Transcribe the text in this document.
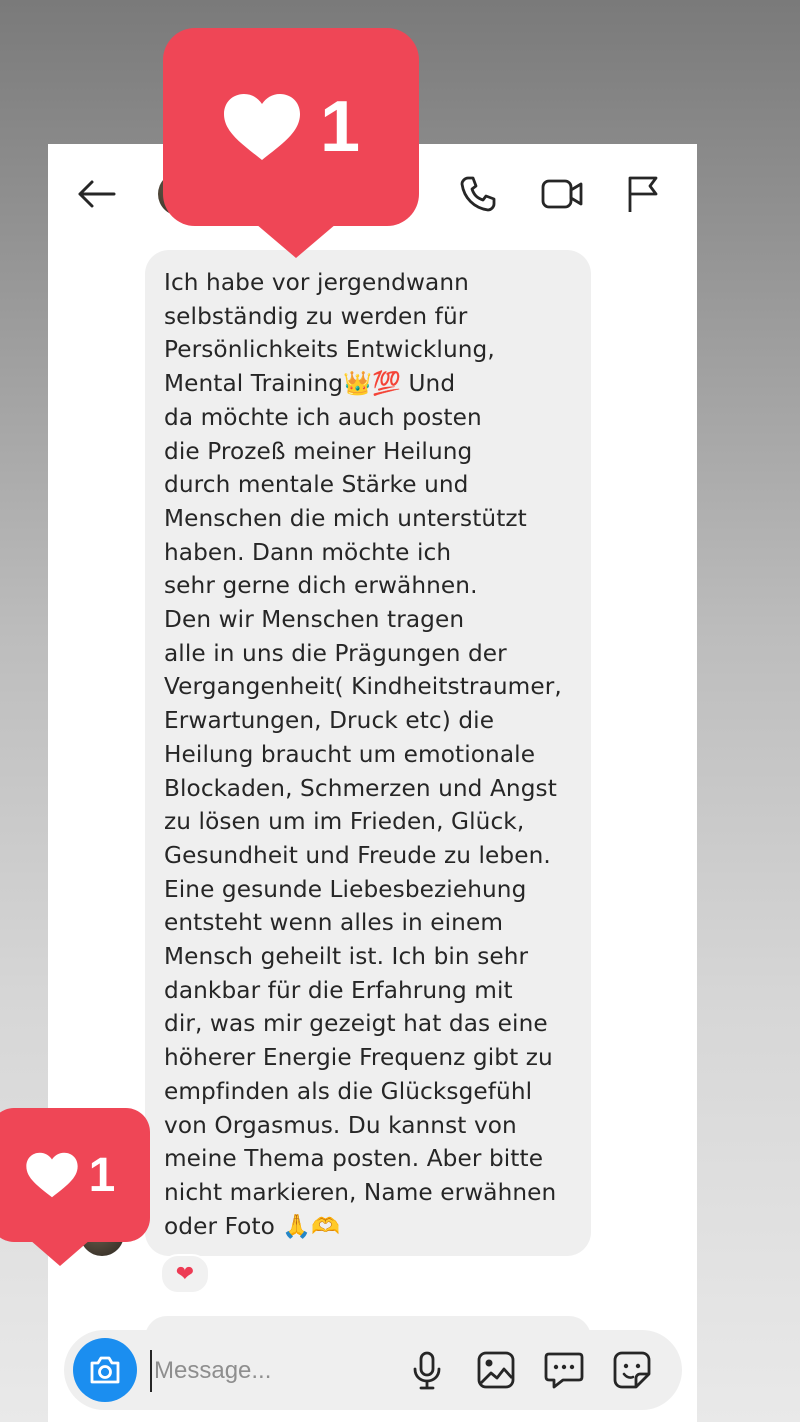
Ich habe vor jergendwann
selbständig zu werden für
Persönlichkeits Entwicklung,
Mental Training👑💯 Und
da möchte ich auch posten
die Prozeß meiner Heilung
durch mentale Stärke und
Menschen die mich unterstützt
haben. Dann möchte ich
sehr gerne dich erwähnen.
Den wir Menschen tragen
alle in uns die Prägungen der
Vergangenheit( Kindheitstraumer,
Erwartungen, Druck etc) die
Heilung braucht um emotionale
Blockaden, Schmerzen und Angst
zu lösen um im Frieden, Glück,
Gesundheit und Freude zu leben.
Eine gesunde Liebesbeziehung
entsteht wenn alles in einem
Mensch geheilt ist. Ich bin sehr
dankbar für die Erfahrung mit
dir, was mir gezeigt hat das eine
höherer Energie Frequenz gibt zu
empfinden als die Glücksgefühl
von Orgasmus. Du kannst von
meine Thema posten. Aber bitte
nicht markieren, Name erwähnen
oder Foto 🙏🫶
❤
Message...
1
1
